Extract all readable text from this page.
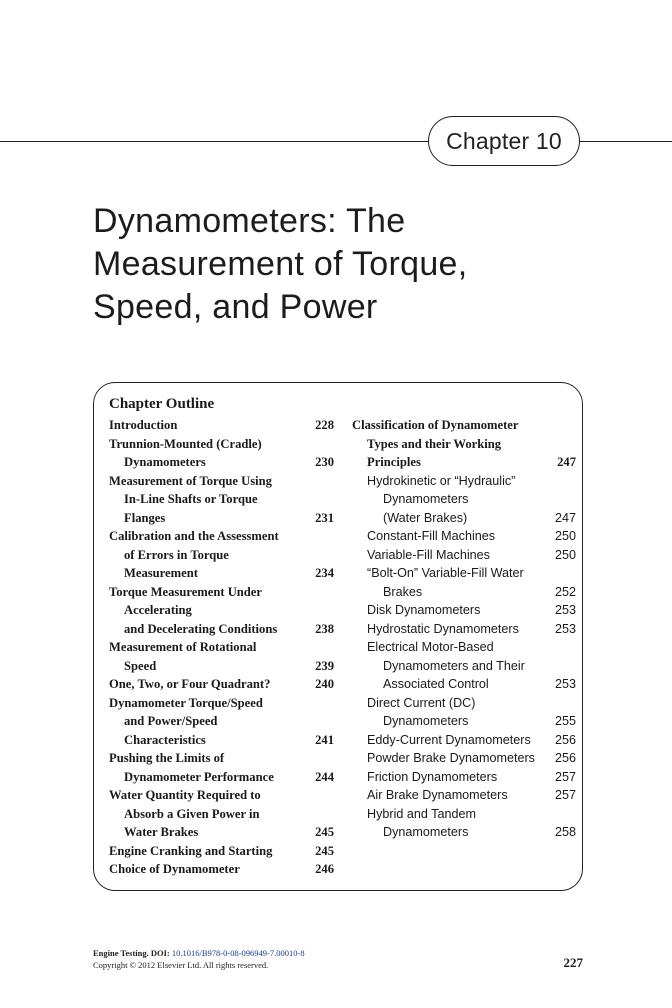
Chapter 10
Dynamometers: The
Measurement of Torque,
Speed, and Power
Chapter Outline
Introduction	228
Trunnion-Mounted (Cradle)
Dynamometers	230
Measurement of Torque Using
In-Line Shafts or Torque
Flanges	231
Calibration and the Assessment
of Errors in Torque
Measurement	234
Torque Measurement Under
Accelerating
and Decelerating Conditions	238
Measurement of Rotational
Speed	239
One, Two, or Four Quadrant?	240
Dynamometer Torque/Speed
and Power/Speed
Characteristics	241
Pushing the Limits of
Dynamometer Performance	244
Water Quantity Required to
Absorb a Given Power in
Water Brakes	245
Engine Cranking and Starting	245
Choice of Dynamometer	246
Classification of Dynamometer
Types and their Working
Principles	247
Hydrokinetic or “Hydraulic”
Dynamometers
(Water Brakes)	247
Constant-Fill Machines	250
Variable-Fill Machines	250
“Bolt-On” Variable-Fill Water
Brakes	252
Disk Dynamometers	253
Hydrostatic Dynamometers	253
Electrical Motor-Based
Dynamometers and Their
Associated Control	253
Direct Current (DC)
Dynamometers	255
Eddy-Current Dynamometers	256
Powder Brake Dynamometers	256
Friction Dynamometers	257
Air Brake Dynamometers	257
Hybrid and Tandem
Dynamometers	258
Engine Testing. DOI: 10.1016/B978-0-08-096949-7.00010-8
Copyright © 2012 Elsevier Ltd. All rights reserved.	227
